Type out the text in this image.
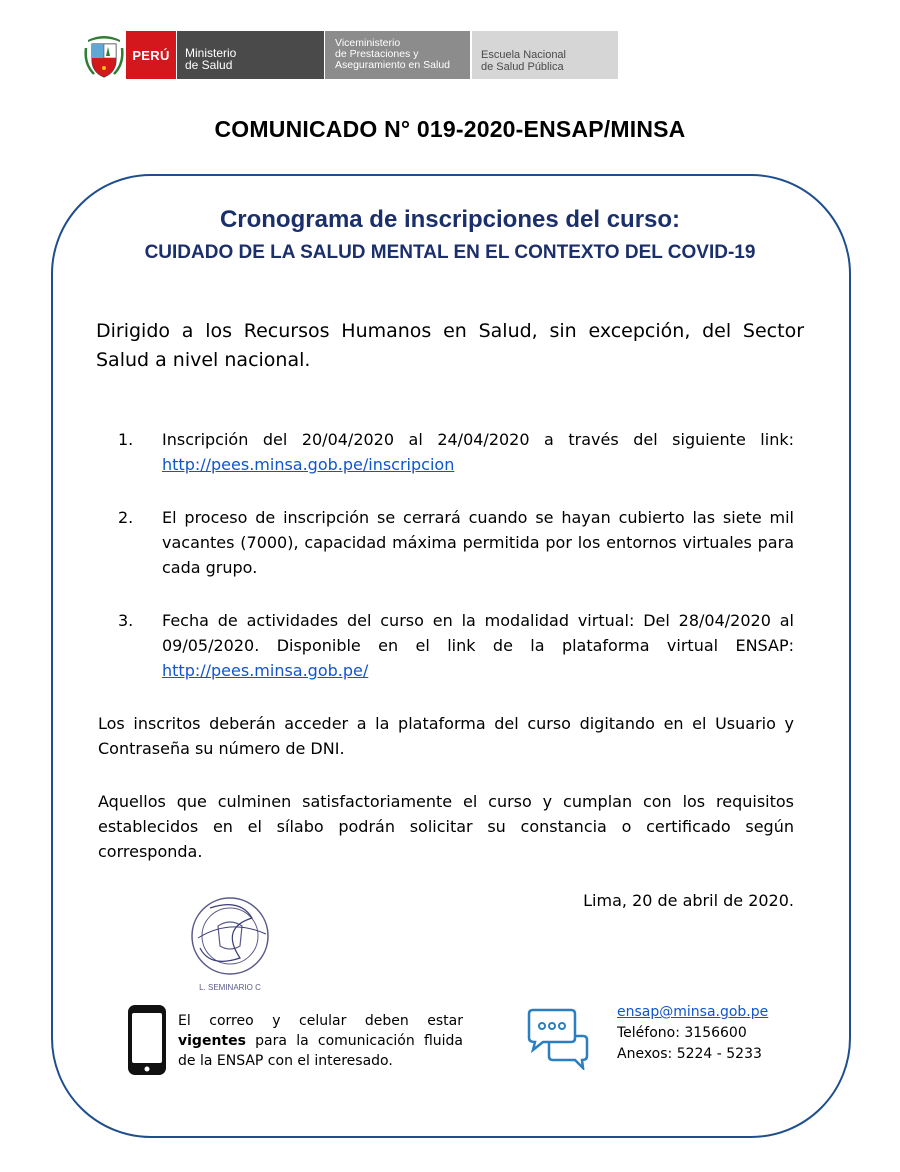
PERÚ Ministerio
de Salud
Viceministerio
de Prestaciones y
Aseguramiento en Salud
Escuela Nacional
de Salud Pública
COMUNICADO N° 019-2020-ENSAP/MINSA
Cronograma de inscripciones del curso:
CUIDADO DE LA SALUD MENTAL EN EL CONTEXTO DEL COVID-19
Dirigido a los Recursos Humanos en Salud, sin excepción, del Sector Salud a nivel nacional.
1. Inscripción del 20/04/2020 al 24/04/2020 a través del siguiente link: http://pees.minsa.gob.pe/inscripcion
2. El proceso de inscripción se cerrará cuando se hayan cubierto las siete mil vacantes (7000), capacidad máxima permitida por los entornos virtuales para cada grupo.
3. Fecha de actividades del curso en la modalidad virtual: Del 28/04/2020 al 09/05/2020. Disponible en el link de la plataforma virtual ENSAP: http://pees.minsa.gob.pe/
Los inscritos deberán acceder a la plataforma del curso digitando en el Usuario y Contraseña su número de DNI.
Aquellos que culminen satisfactoriamente el curso y cumplan con los requisitos establecidos en el sílabo podrán solicitar su constancia o certificado según corresponda.
Lima, 20 de abril de 2020.
L. SEMINARIO C
El correo y celular deben estar vigentes para la comunicación fluida de la ENSAP con el interesado.
ensap@minsa.gob.pe
Teléfono: 3156600
Anexos: 5224 - 5233
